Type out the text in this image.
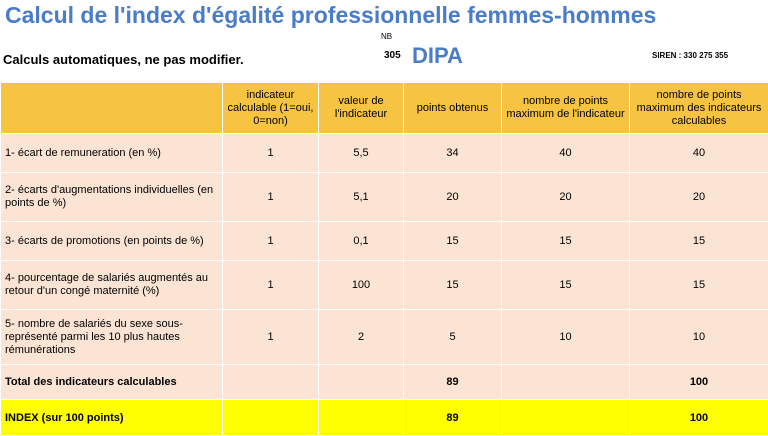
Calcul de l'index d'égalité professionnelle femmes-hommes
Calculs automatiques, ne pas modifier.
NB
305 DIPA	SIREN : 330 275 355
	indicateur calculable (1=oui, 0=non)	valeur de l'indicateur	points obtenus	nombre de points maximum de l'indicateur	nombre de points maximum des indicateurs calculables
1- écart de remuneration (en %)	1	5,5	34	40	40
2- écarts d'augmentations individuelles (en points de %)	1	5,1	20	20	20
3- écarts de promotions (en points de %)	1	0,1	15	15	15
4- pourcentage de salariés augmentés au retour d'un congé maternité (%)	1	100	15	15	15
5- nombre de salariés du sexe sous-représenté parmi les 10 plus hautes rémunérations	1	2	5	10	10
Total des indicateurs calculables			89		100
INDEX (sur 100 points)			89		100
